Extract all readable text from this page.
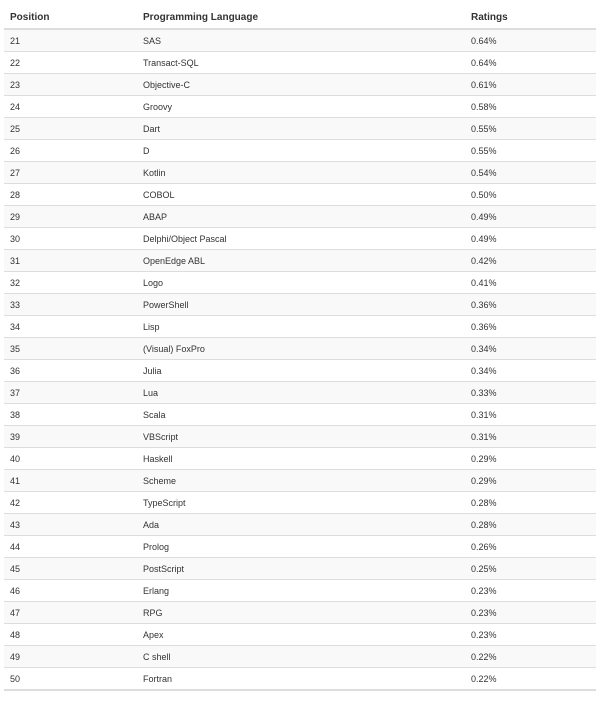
Position	Programming Language	Ratings
21	SAS	0.64%
22	Transact-SQL	0.64%
23	Objective-C	0.61%
24	Groovy	0.58%
25	Dart	0.55%
26	D	0.55%
27	Kotlin	0.54%
28	COBOL	0.50%
29	ABAP	0.49%
30	Delphi/Object Pascal	0.49%
31	OpenEdge ABL	0.42%
32	Logo	0.41%
33	PowerShell	0.36%
34	Lisp	0.36%
35	(Visual) FoxPro	0.34%
36	Julia	0.34%
37	Lua	0.33%
38	Scala	0.31%
39	VBScript	0.31%
40	Haskell	0.29%
41	Scheme	0.29%
42	TypeScript	0.28%
43	Ada	0.28%
44	Prolog	0.26%
45	PostScript	0.25%
46	Erlang	0.23%
47	RPG	0.23%
48	Apex	0.23%
49	C shell	0.22%
50	Fortran	0.22%
